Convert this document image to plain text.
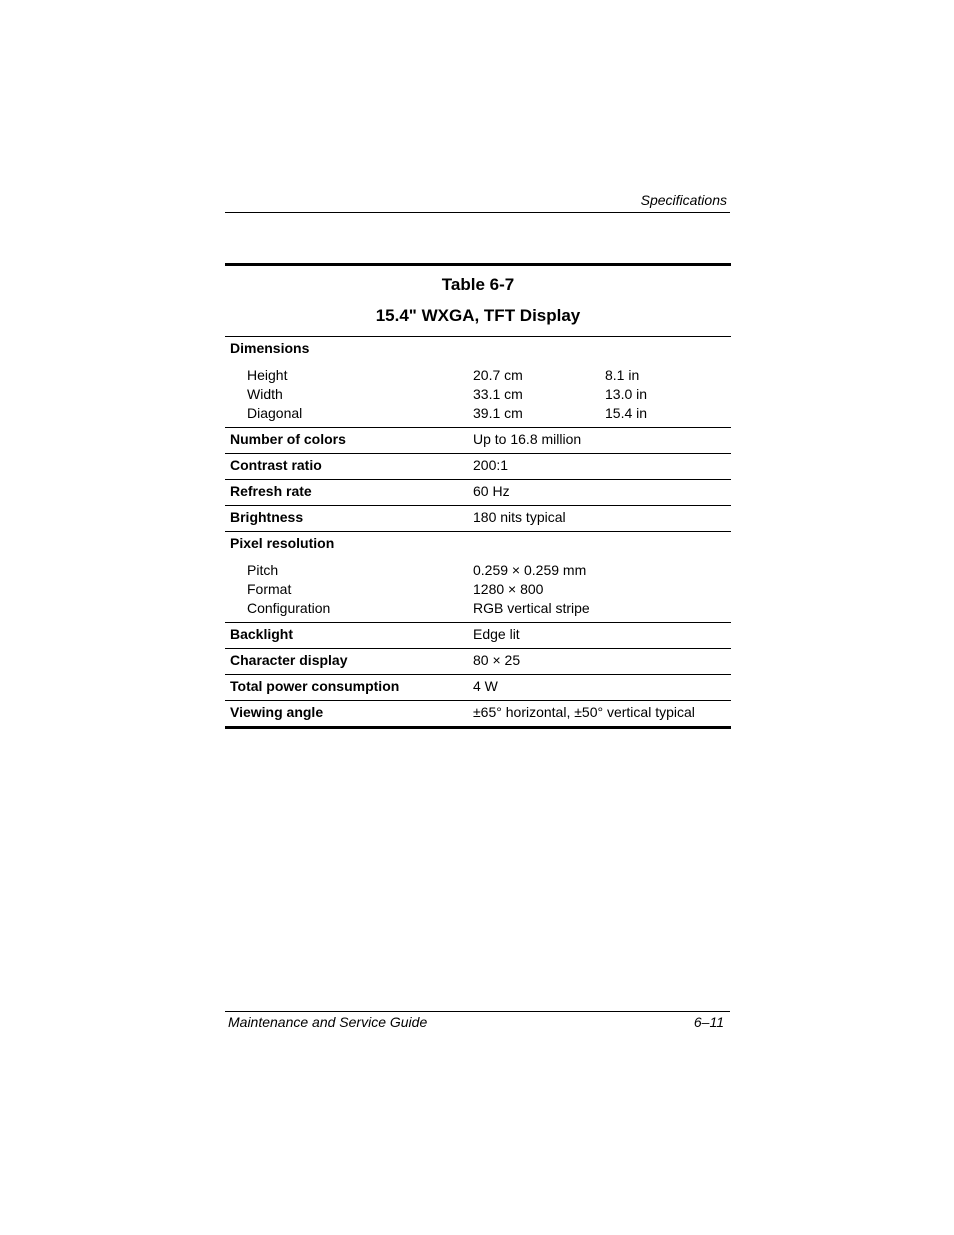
Specifications
Table 6-7
15.4" WXGA, TFT Display
Dimensions
Height	20.7 cm	8.1 in
Width	33.1 cm	13.0 in
Diagonal	39.1 cm	15.4 in
Number of colors	Up to 16.8 million
Contrast ratio	200:1
Refresh rate	60 Hz
Brightness	180 nits typical
Pixel resolution
Pitch	0.259 × 0.259 mm
Format	1280 × 800
Configuration	RGB vertical stripe
Backlight	Edge lit
Character display	80 × 25
Total power consumption	4 W
Viewing angle	±65° horizontal, ±50° vertical typical
Maintenance and Service Guide	6–11
